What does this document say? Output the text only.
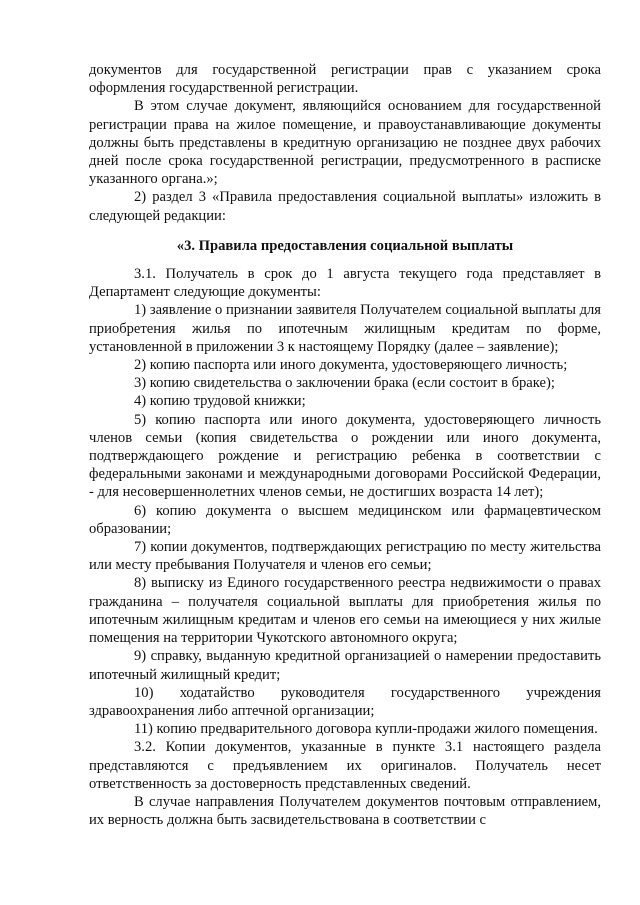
документов для государственной регистрации прав с указанием срока оформления государственной регистрации.

В этом случае документ, являющийся основанием для государственной регистрации права на жилое помещение, и правоустанавливающие документы должны быть представлены в кредитную организацию не позднее двух рабочих дней после срока государственной регистрации, предусмотренного в расписке указанного органа.»;

2) раздел 3 «Правила предоставления социальной выплаты» изложить в следующей редакции:

«3. Правила предоставления социальной выплаты

3.1. Получатель в срок до 1 августа текущего года представляет в Департамент следующие документы:

1) заявление о признании заявителя Получателем социальной выплаты для приобретения жилья по ипотечным жилищным кредитам по форме, установленной в приложении 3 к настоящему Порядку (далее – заявление);

2) копию паспорта или иного документа, удостоверяющего личность;

3) копию свидетельства о заключении брака (если состоит в браке);

4) копию трудовой книжки;

5) копию паспорта или иного документа, удостоверяющего личность членов семьи (копия свидетельства о рождении или иного документа, подтверждающего рождение и регистрацию ребенка в соответствии с федеральными законами и международными договорами Российской Федерации, - для несовершеннолетних членов семьи, не достигших возраста 14 лет);

6) копию документа о высшем медицинском или фармацевтическом образовании;

7) копии документов, подтверждающих регистрацию по месту жительства или месту пребывания Получателя и членов его семьи;

8) выписку из Единого государственного реестра недвижимости о правах гражданина – получателя социальной выплаты для приобретения жилья по ипотечным жилищным кредитам и членов его семьи на имеющиеся у них жилые помещения на территории Чукотского автономного округа;

9) справку, выданную кредитной организацией о намерении предоставить ипотечный жилищный кредит;

10) ходатайство руководителя государственного учреждения здравоохранения либо аптечной организации;

11) копию предварительного договора купли-продажи жилого помещения.

3.2. Копии документов, указанные в пункте 3.1 настоящего раздела представляются с предъявлением их оригиналов. Получатель несет ответственность за достоверность представленных сведений.

В случае направления Получателем документов почтовым отправлением, их верность должна быть засвидетельствована в соответствии с
